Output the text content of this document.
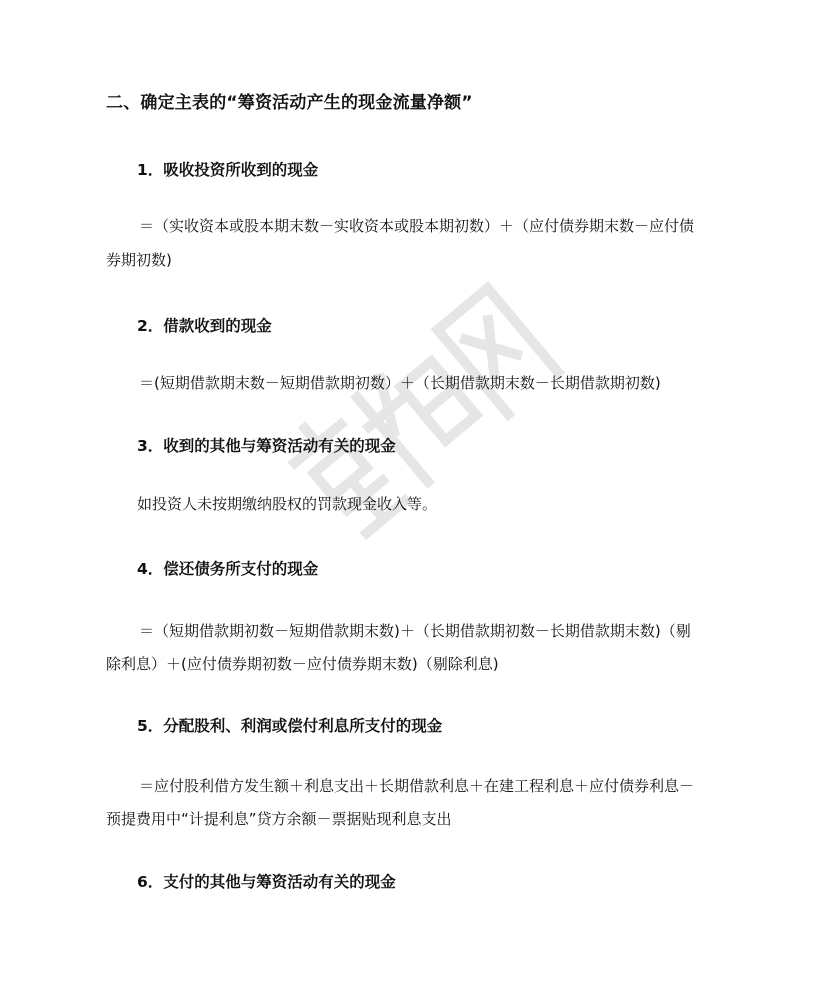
二、确定主表的“筹资活动产生的现金流量净额”
1．吸收投资所收到的现金
＝（实收资本或股本期末数－实收资本或股本期初数）＋（应付债券期末数－应付债
券期初数)
2．借款收到的现金
＝(短期借款期末数－短期借款期初数）＋（长期借款期末数－长期借款期初数)
3．收到的其他与筹资活动有关的现金
如投资人未按期缴纳股权的罚款现金收入等。
4．偿还债务所支付的现金
＝（短期借款期初数－短期借款期末数)＋（长期借款期初数－长期借款期末数)（剔
除利息）＋(应付债券期初数－应付债券期末数)（剔除利息)
5．分配股利、利润或偿付利息所支付的现金
＝应付股利借方发生额＋利息支出＋长期借款利息＋在建工程利息＋应付债券利息－
预提费用中“计提利息”贷方余额－票据贴现利息支出
6．支付的其他与筹资活动有关的现金
